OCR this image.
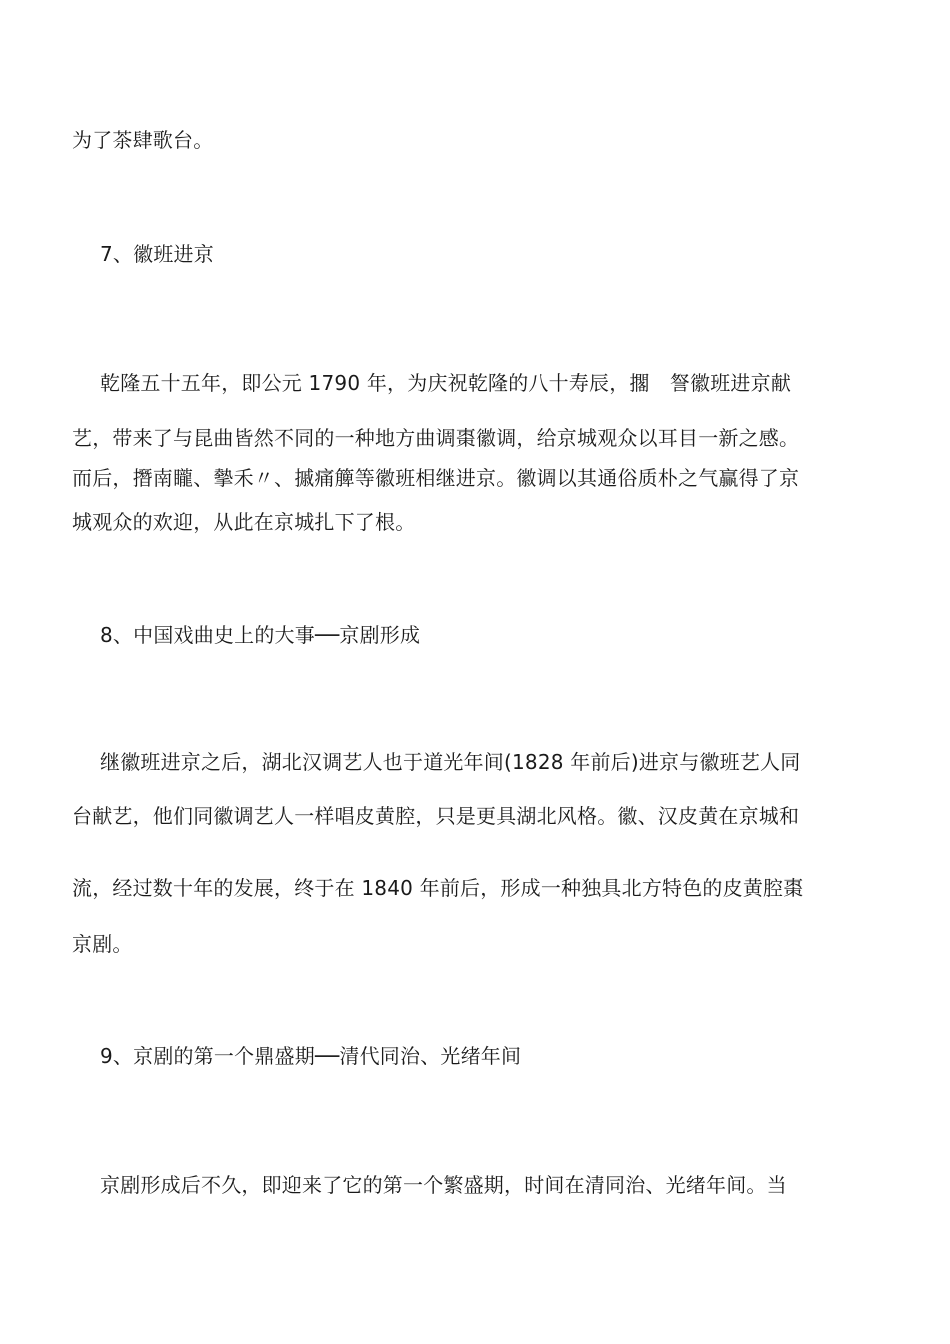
为了茶肆歌台。
7、徽班进京
乾隆五十五年，即公元 1790 年，为庆祝乾隆的八十寿辰，擱　詧徽班进京献
艺，带来了与昆曲皆然不同的一种地方曲调棗徽调，给京城观众以耳目一新之感。
而后，撍南矓、摰禾〃、摵痛簲等徽班相继进京。徽调以其通俗质朴之气赢得了京
城观众的欢迎，从此在京城扎下了根。
8、中国戏曲史上的大事──京剧形成
继徽班进京之后，湖北汉调艺人也于道光年间(1828 年前后)进京与徽班艺人同
台献艺，他们同徽调艺人一样唱皮黄腔，只是更具湖北风格。徽、汉皮黄在京城和
流，经过数十年的发展，终于在 1840 年前后，形成一种独具北方特色的皮黄腔棗
京剧。
9、京剧的第一个鼎盛期──清代同治、光绪年间
京剧形成后不久，即迎来了它的第一个繁盛期，时间在清同治、光绪年间。当
